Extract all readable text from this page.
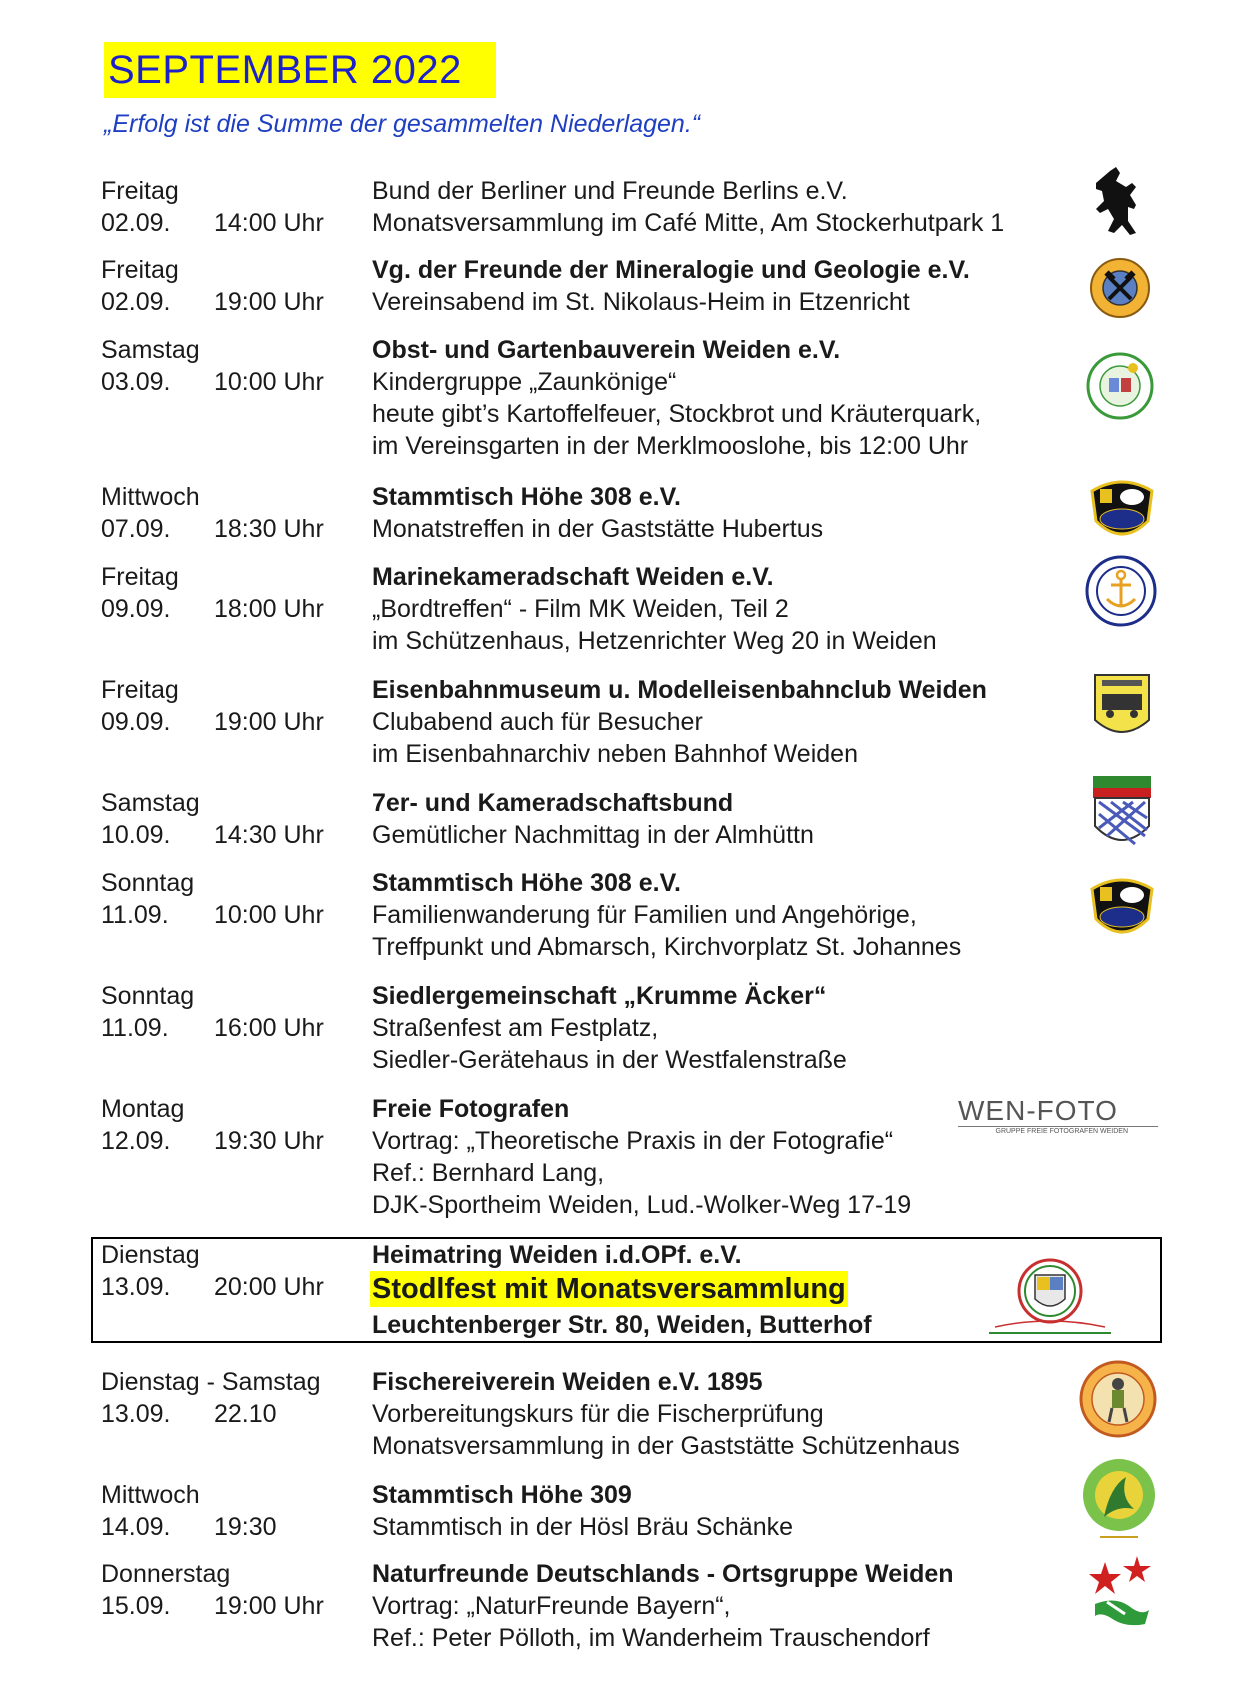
SEPTEMBER 2022
„Erfolg ist die Summe der gesammelten Niederlagen.“
Freitag
02.09. 14:00 Uhr
Bund der Berliner und Freunde Berlins e.V.
Monatsversammlung im Café Mitte, Am Stockerhutpark 1
Freitag
02.09. 19:00 Uhr
Vg. der Freunde der Mineralogie und Geologie e.V.
Vereinsabend im St. Nikolaus-Heim in Etzenricht
Samstag
03.09. 10:00 Uhr
Obst- und Gartenbauverein Weiden e.V.
Kindergruppe „Zaunkönige“
heute gibt’s Kartoffelfeuer, Stockbrot und Kräuterquark,
im Vereinsgarten in der Merklmooslohe, bis 12:00 Uhr
Mittwoch
07.09. 18:30 Uhr
Stammtisch Höhe 308 e.V.
Monatstreffen in der Gaststätte Hubertus
Freitag
09.09. 18:00 Uhr
Marinekameradschaft Weiden e.V.
„Bordtreffen“ - Film MK Weiden, Teil 2
im Schützenhaus, Hetzenrichter Weg 20 in Weiden
Freitag
09.09. 19:00 Uhr
Eisenbahnmuseum u. Modelleisenbahnclub Weiden
Clubabend auch für Besucher
im Eisenbahnarchiv neben Bahnhof Weiden
Samstag
10.09. 14:30 Uhr
7er- und Kameradschaftsbund
Gemütlicher Nachmittag in der Almhüttn
Sonntag
11.09. 10:00 Uhr
Stammtisch Höhe 308 e.V.
Familienwanderung für Familien und Angehörige,
Treffpunkt und Abmarsch, Kirchvorplatz St. Johannes
Sonntag
11.09. 16:00 Uhr
Siedlergemeinschaft „Krumme Äcker“
Straßenfest am Festplatz,
Siedler-Gerätehaus in der Westfalenstraße
Montag
12.09. 19:30 Uhr
Freie Fotografen
Vortrag: „Theoretische Praxis in der Fotografie“
Ref.: Bernhard Lang,
DJK-Sportheim Weiden, Lud.-Wolker-Weg 17-19
WEN-FOTO
GRUPPE FREIE FOTOGRAFEN WEIDEN
Dienstag
13.09. 20:00 Uhr
Heimatring Weiden i.d.OPf. e.V.
Stodlfest mit Monatsversammlung
Leuchtenberger Str. 80, Weiden, Butterhof
Dienstag - Samstag
13.09. 22.10
Fischereiverein Weiden e.V. 1895
Vorbereitungskurs für die Fischerprüfung
Monatsversammlung in der Gaststätte Schützenhaus
Mittwoch
14.09. 19:30
Stammtisch Höhe 309
Stammtisch in der Hösl Bräu Schänke
Donnerstag
15.09. 19:00 Uhr
Naturfreunde Deutschlands - Ortsgruppe Weiden
Vortrag: „NaturFreunde Bayern“,
Ref.: Peter Pölloth, im Wanderheim Trauschendorf
